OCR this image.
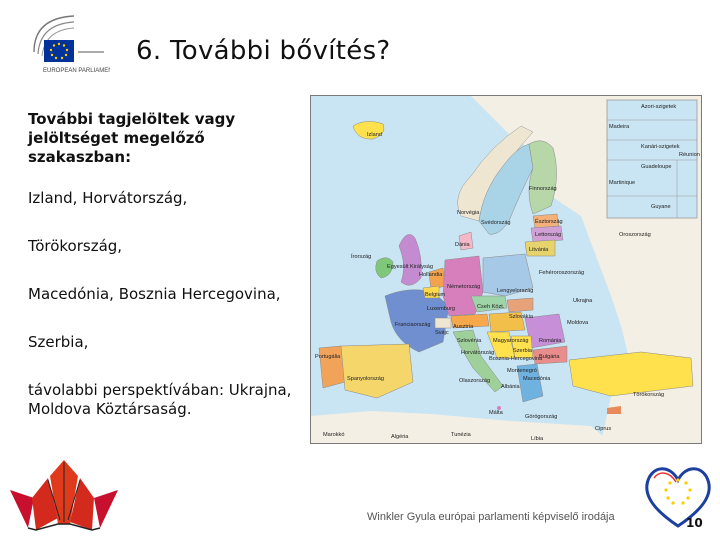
EUROPEAN PARLIAMENT
6. További bővítés?
További tagjelöltek vagy jelöltséget megelőző szakaszban:
Izland, Horvátország,
Törökország,
Macedónia, Bosznia Hercegovina,
Szerbia,
távolabbi perspektívában: Ukrajna, Moldova Köztársaság.
Azori-szigetek
Madeira
Kanári-szigetek
Réunion
Guadeloupe
Martinique
Guyane
Izland
Finnország
Norvégia
Svédország	Észtország
Lettország
Litvánia
Dánia
Oroszország
Írország
Egyesült Királyság
Hollandia
Belgium
Luxemburg
Németország
Lengyelország
Fehéroroszország
Cseh Közt.
Szlovákia
Ukrajna
Franciaország
Svájc
Ausztria
Magyarország
Moldova
Románia
Szlovénia
Horvátország
Bosznia-Hercegovina
Szerbia
Montenegró
Macedónia
Bulgária
Albánia
Olaszország
Portugália
Spanyolország
Görögország
Törökország
Marokkó	Algéria	Tunézia
Málta
Ciprus
Líbia
Winkler Gyula európai parlamenti képviselő irodája	10
